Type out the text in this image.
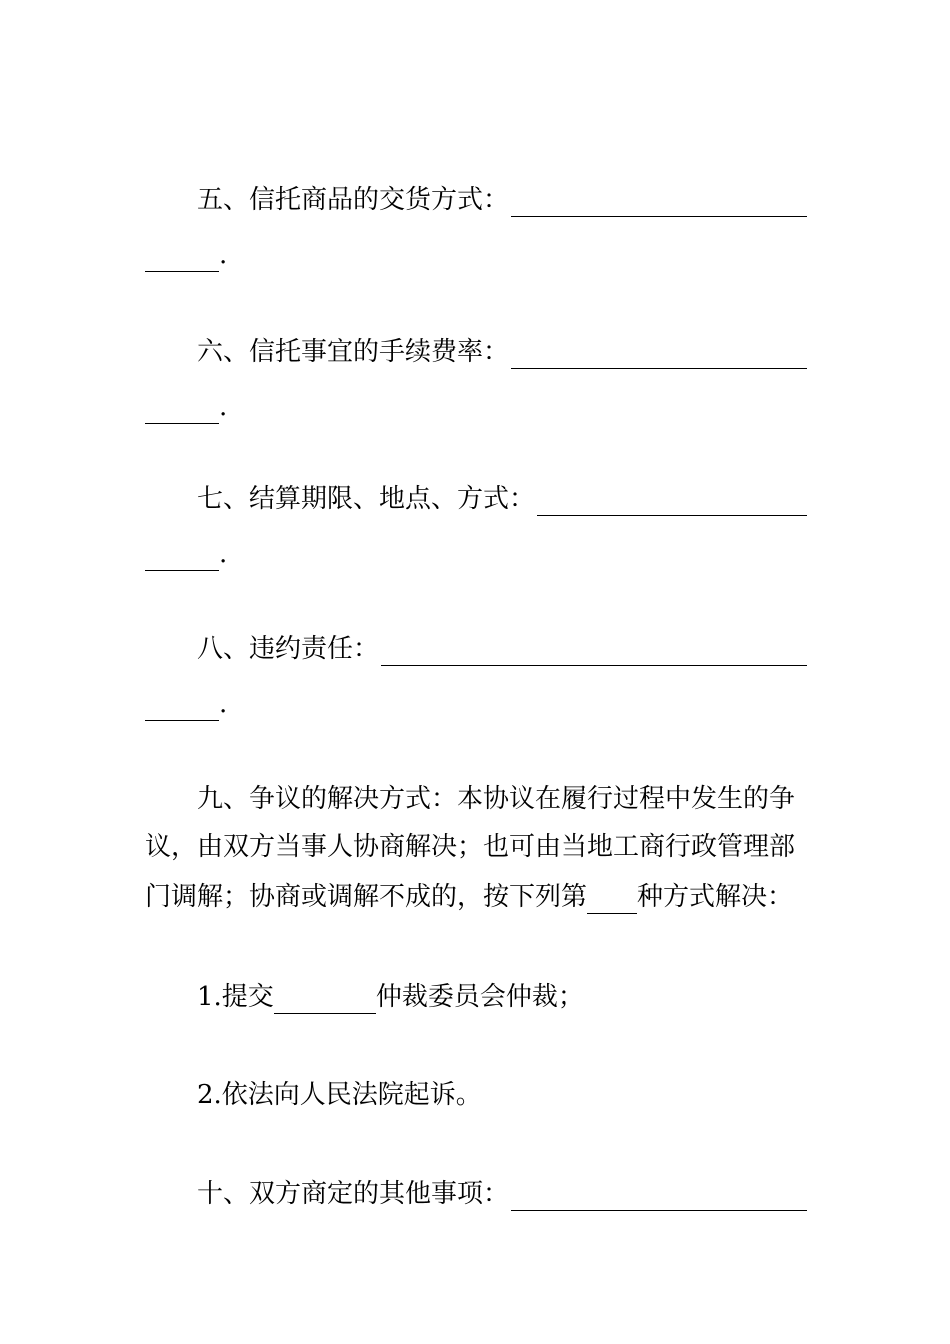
五、信托商品的交货方式：
.
六、信托事宜的手续费率：
.
七、结算期限、地点、方式：
.
八、违约责任：
.
九、争议的解决方式：本协议在履行过程中发生的争
议，由双方当事人协商解决；也可由当地工商行政管理部
门调解；协商或调解不成的，按下列第 种方式解决：
1.提交	仲裁委员会仲裁；
2.依法向人民法院起诉。
十、双方商定的其他事项：
